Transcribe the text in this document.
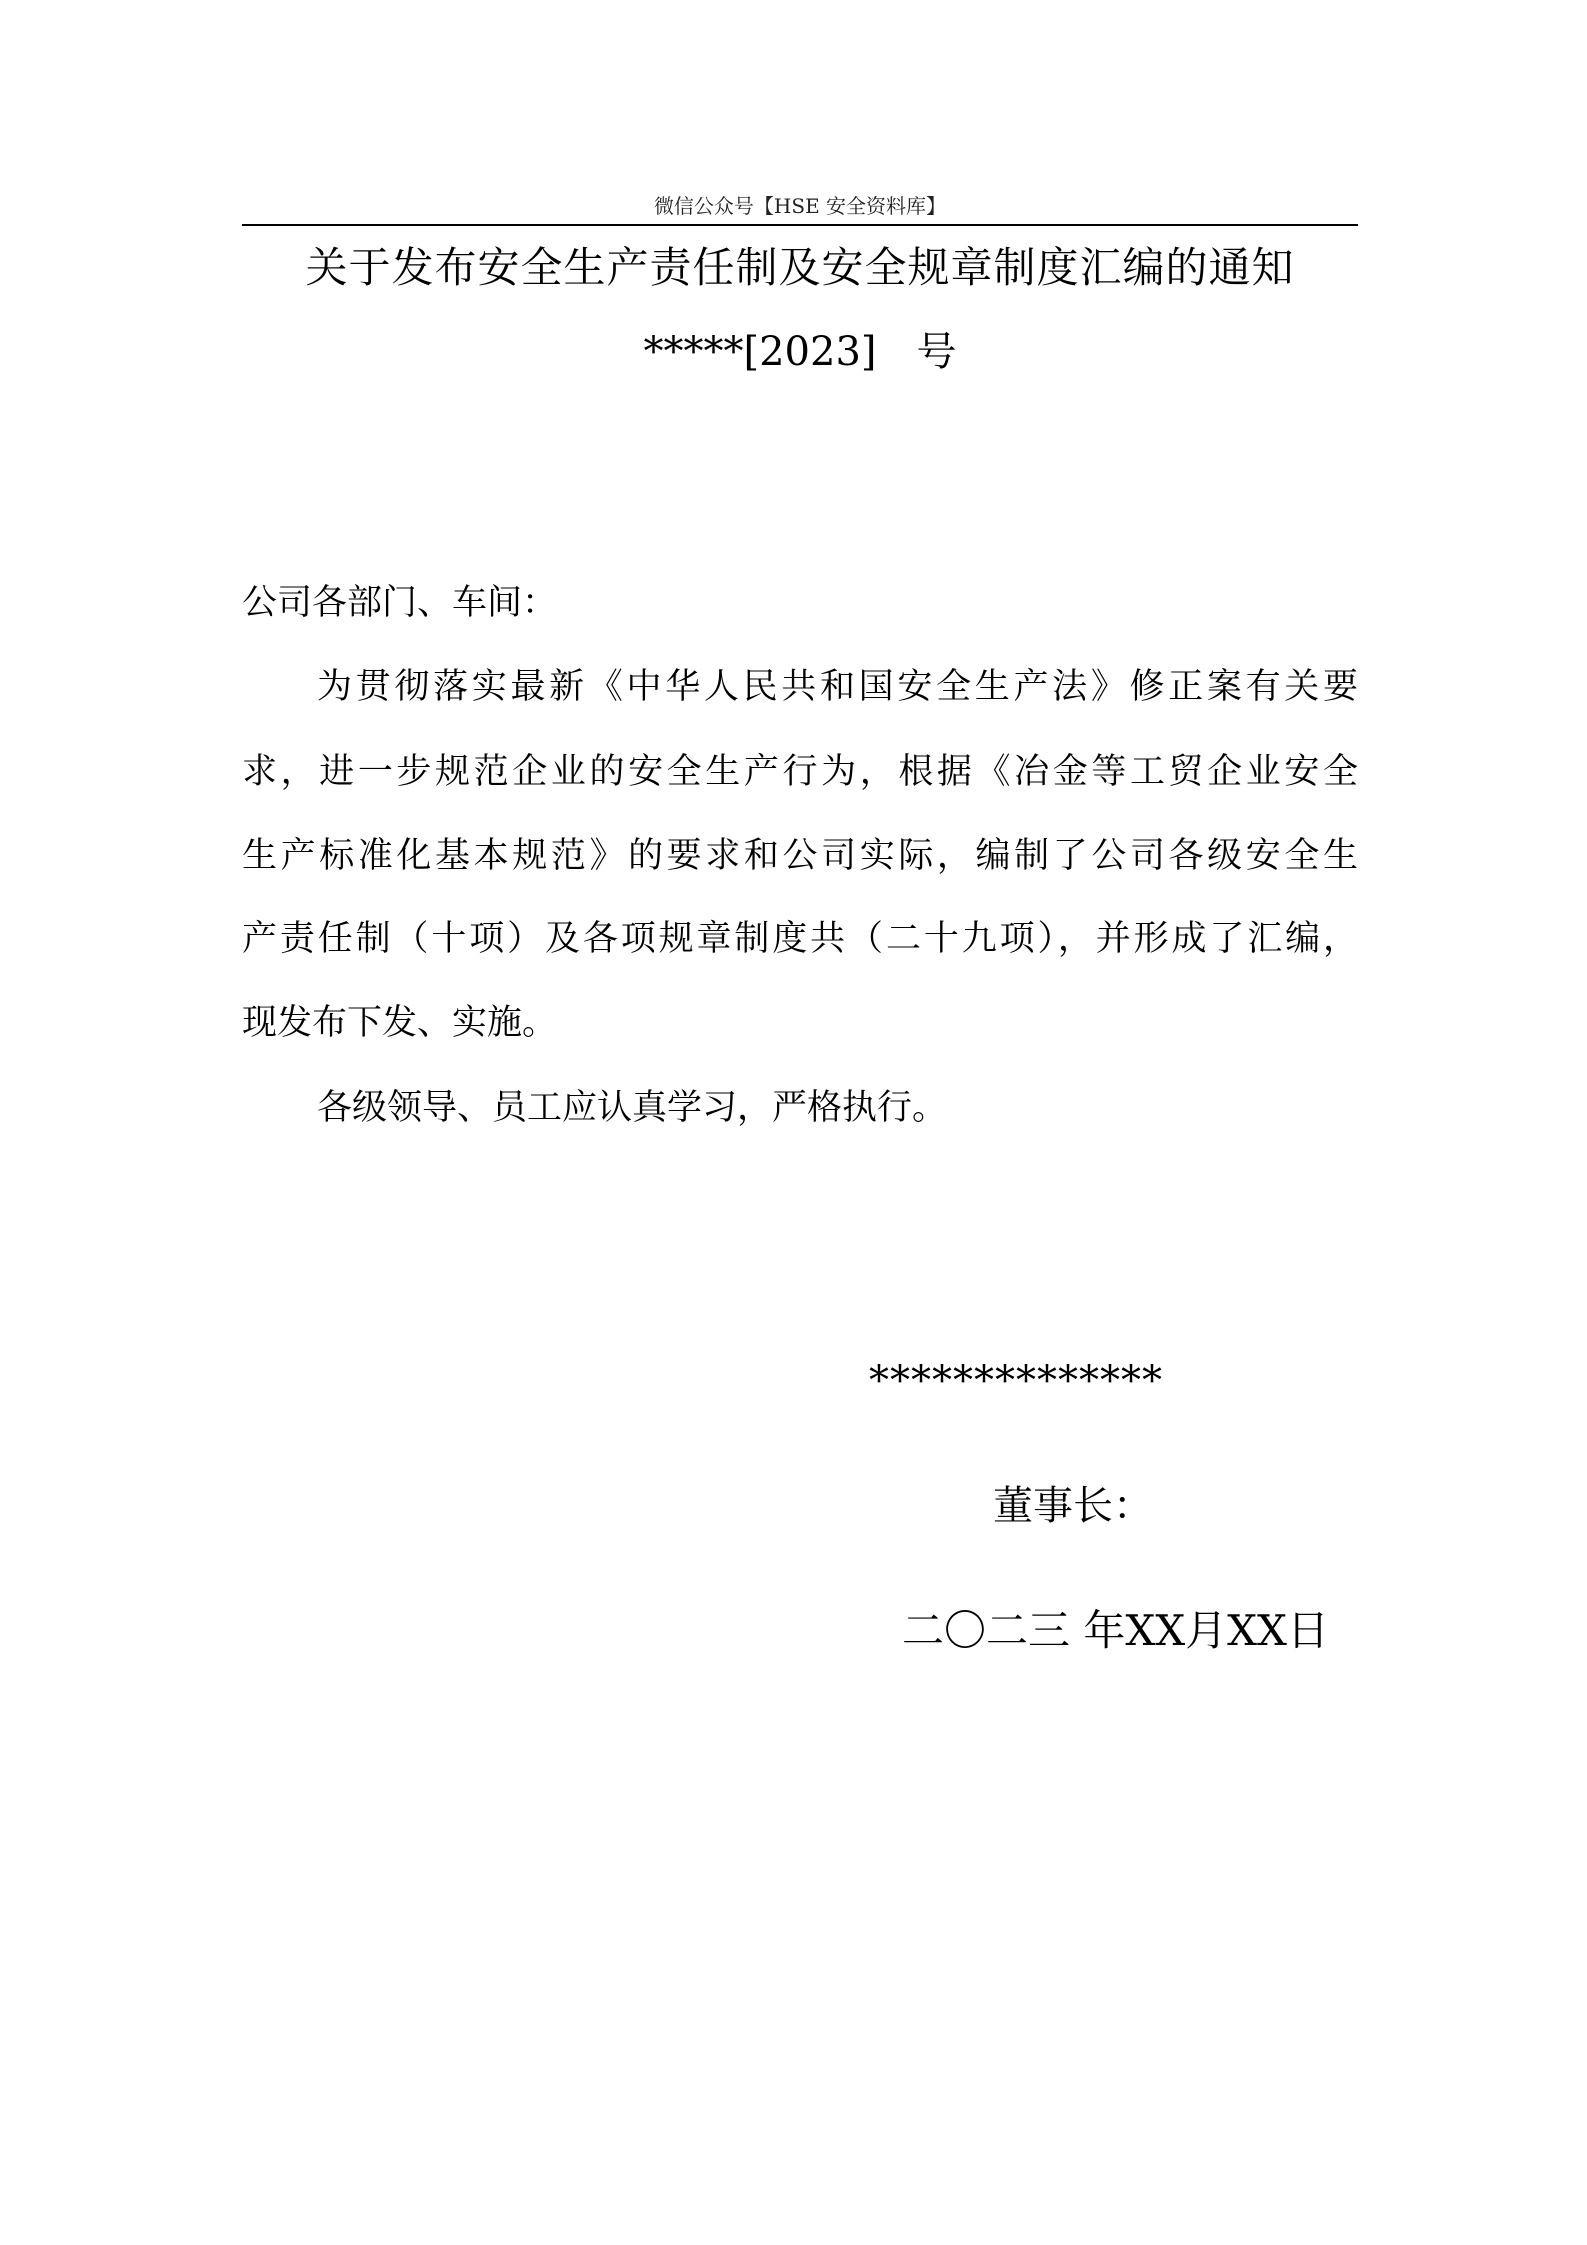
微信公众号【HSE 安全资料库】
关于发布安全生产责任制及安全规章制度汇编的通知
*****[2023]　号
公司各部门、车间：
为贯彻落实最新《中华人民共和国安全生产法》修正案有关要
求，进一步规范企业的安全生产行为，根据《冶金等工贸企业安全
生产标准化基本规范》的要求和公司实际，编制了公司各级安全生
产责任制（十项）及各项规章制度共（二十九项），并形成了汇编，
现发布下发、实施。
各级领导、员工应认真学习，严格执行。
**************
董事长：
二〇二三 年XX月XX日
